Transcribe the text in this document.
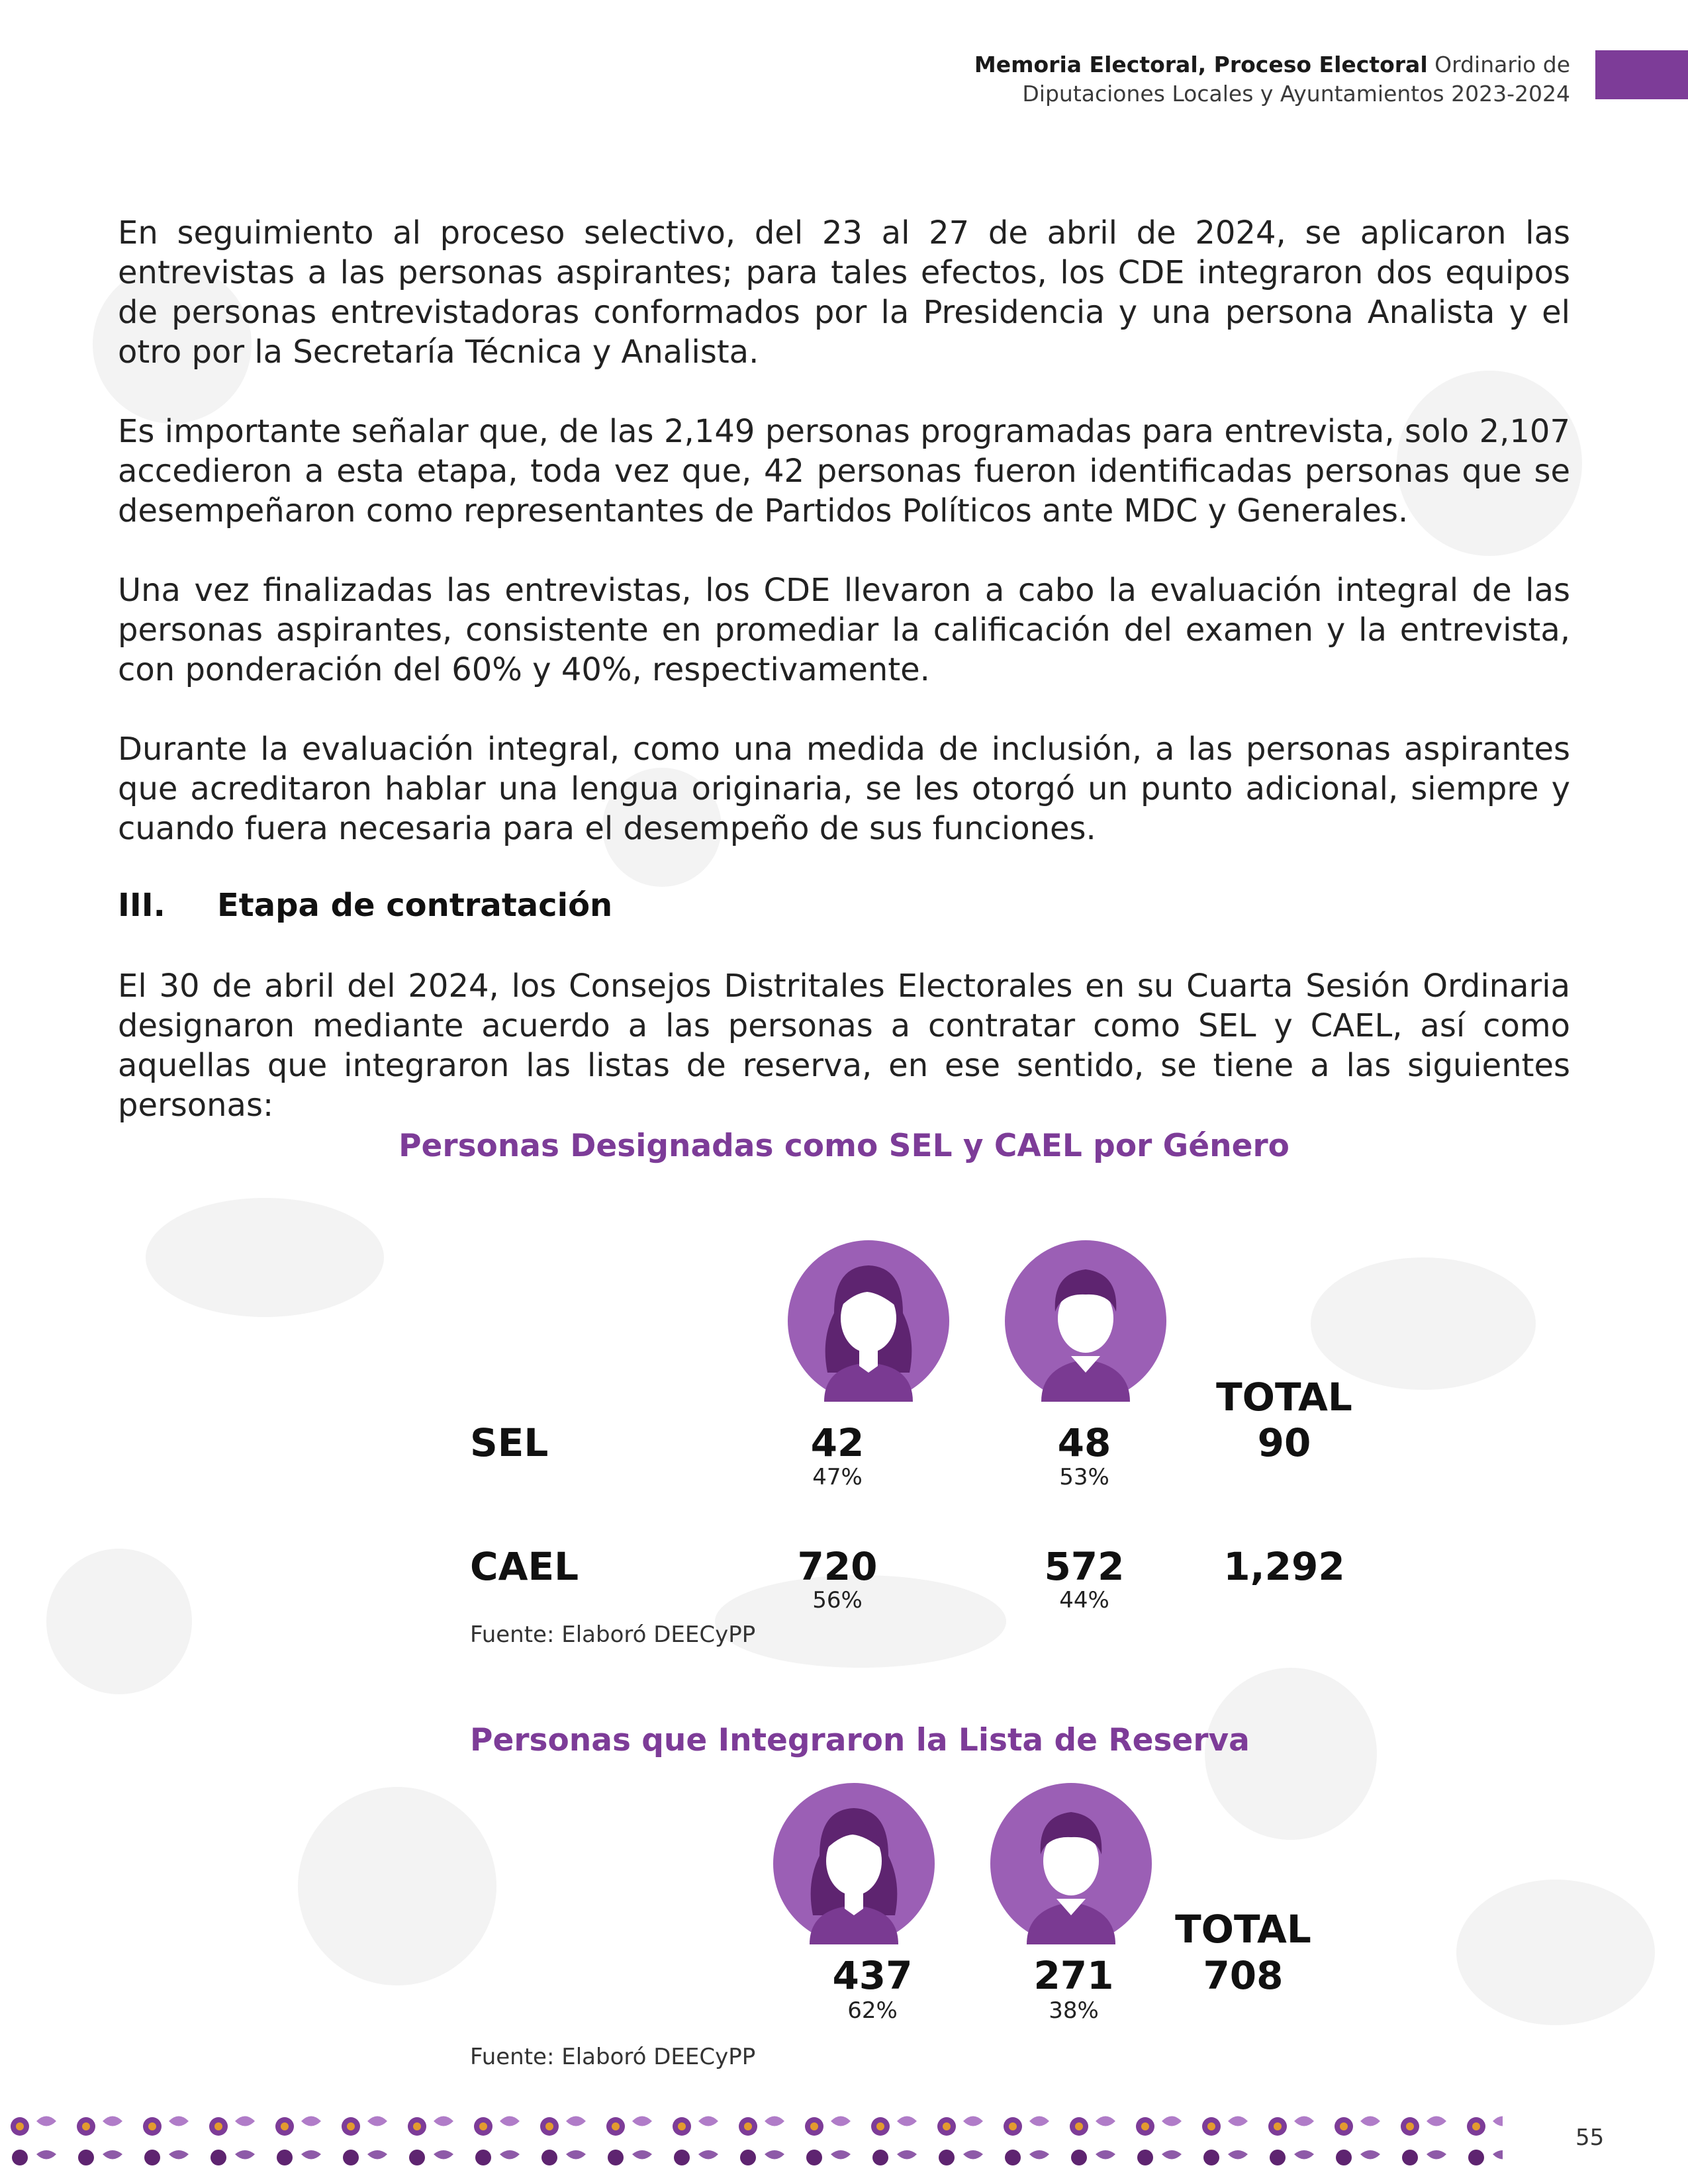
Memoria Electoral, Proceso Electoral Ordinario de
Diputaciones Locales y Ayuntamientos 2023-2024

En seguimiento al proceso selectivo, del 23 al 27 de abril de 2024, se aplicaron las entrevistas a las personas aspirantes; para tales efectos, los CDE integraron dos equipos de personas entrevistadoras conformados por la Presidencia y una persona Analista y el otro por la Secretaría Técnica y Analista.

Es importante señalar que, de las 2,149 personas programadas para entrevista, solo 2,107 accedieron a esta etapa, toda vez que, 42 personas fueron identificadas personas que se desempeñaron como representantes de Partidos Políticos ante MDC y Generales.

Una vez finalizadas las entrevistas, los CDE llevaron a cabo la evaluación integral de las personas aspirantes, consistente en promediar la calificación del examen y la entrevista, con ponderación del 60% y 40%, respectivamente.

Durante la evaluación integral, como una medida de inclusión, a las personas aspirantes que acreditaron hablar una lengua originaria, se les otorgó un punto adicional, siempre y cuando fuera necesaria para el desempeño de sus funciones.

III. Etapa de contratación

El 30 de abril del 2024, los Consejos Distritales Electorales en su Cuarta Sesión Ordinaria designaron mediante acuerdo a las personas a contratar como SEL y CAEL, así como aquellas que integraron las listas de reserva, en ese sentido, se tiene a las siguientes personas:

Personas Designadas como SEL y CAEL por Género
SEL	42
47%
48
53%
TOTAL
90
CAEL	720
56%
572
44%
1,292
Fuente: Elaboró DEECyPP
Personas que Integraron la Lista de Reserva
TOTAL
437
62%
271
38%
708
Fuente: Elaboró DEECyPP
55
